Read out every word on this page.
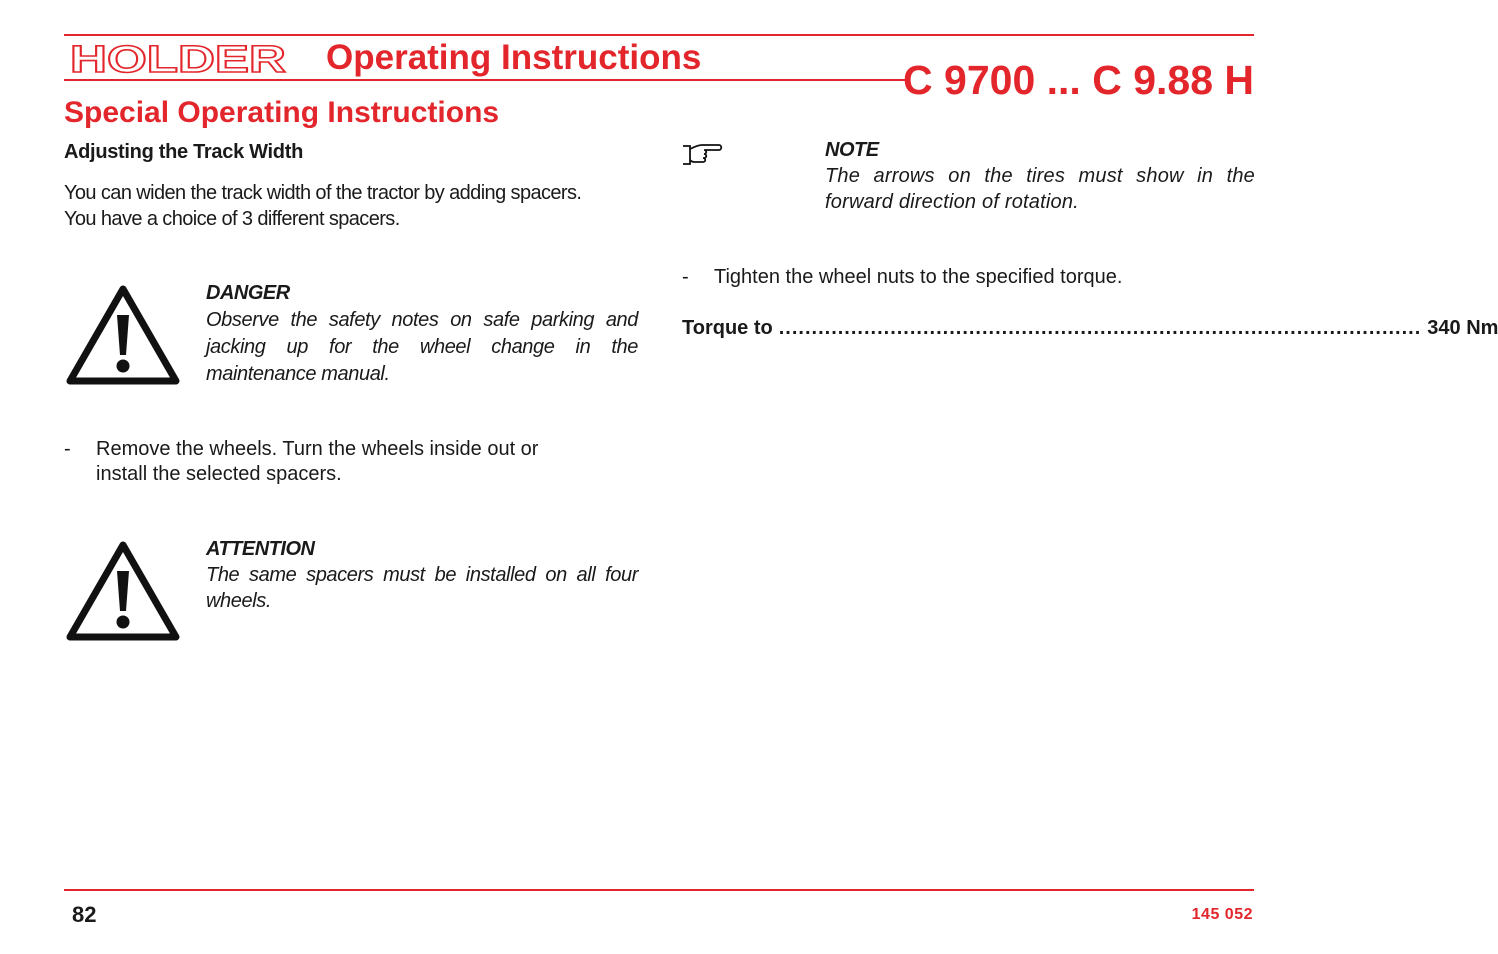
HOLDER Operating Instructions	C 9700 ... C 9.88 H
Special Operating Instructions
Adjusting the Track Width
You can widen the track width of the tractor by adding spacers.
You have a choice of 3 different spacers.
DANGER
Observe the safety notes on safe parking and jacking up for the wheel change in the maintenance manual.
- Remove the wheels. Turn the wheels inside out or
install the selected spacers.
ATTENTION
The same spacers must be installed on all four wheels.
NOTE
The arrows on the tires must show in the forward direction of rotation.
- Tighten the wheel nuts to the specified torque.
Torque to .................................................................................................. 340 Nm
82	145 052
